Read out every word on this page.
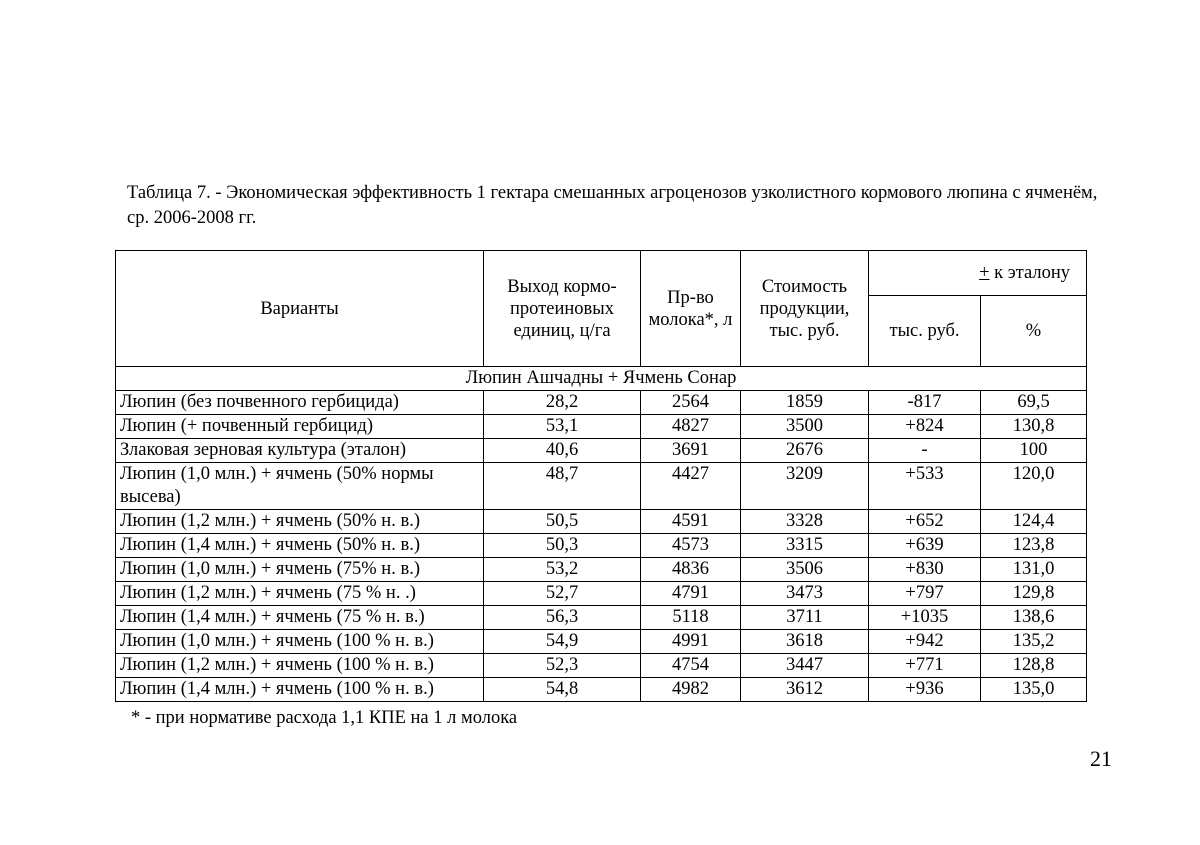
Таблица 7. - Экономическая эффективность 1 гектара смешанных агроценозов узколистного кормового люпина с ячменём, ср. 2006-2008 гг.
Варианты	Выход кормо-протеиновых единиц, ц/га	Пр-во молока*, л	Стоимость продукции, тыс. руб.	+ к эталону	
				тыс. руб.	%
Люпин Ашчадны + Ячмень Сонар					
Люпин (без почвенного гербицида)	28,2	2564	1859	-817	69,5
Люпин (+ почвенный гербицид)	53,1	4827	3500	+824	130,8
Злаковая зерновая культура (эталон)	40,6	3691	2676	-	100
Люпин (1,0 млн.) + ячмень (50% нормы высева)	48,7	4427	3209	+533	120,0
Люпин (1,2 млн.) + ячмень (50% н. в.)	50,5	4591	3328	+652	124,4
Люпин (1,4 млн.) + ячмень (50% н. в.)	50,3	4573	3315	+639	123,8
Люпин (1,0 млн.) + ячмень (75% н. в.)	53,2	4836	3506	+830	131,0
Люпин (1,2 млн.) + ячмень (75 % н. .)	52,7	4791	3473	+797	129,8
Люпин (1,4 млн.) + ячмень (75 % н. в.)	56,3	5118	3711	+1035	138,6
Люпин (1,0 млн.) + ячмень (100 % н. в.)	54,9	4991	3618	+942	135,2
Люпин (1,2 млн.) + ячмень (100 % н. в.)	52,3	4754	3447	+771	128,8
Люпин (1,4 млн.) + ячмень (100 % н. в.)	54,8	4982	3612	+936	135,0
* - при нормативе расхода 1,1 КПЕ на 1 л молока
21
